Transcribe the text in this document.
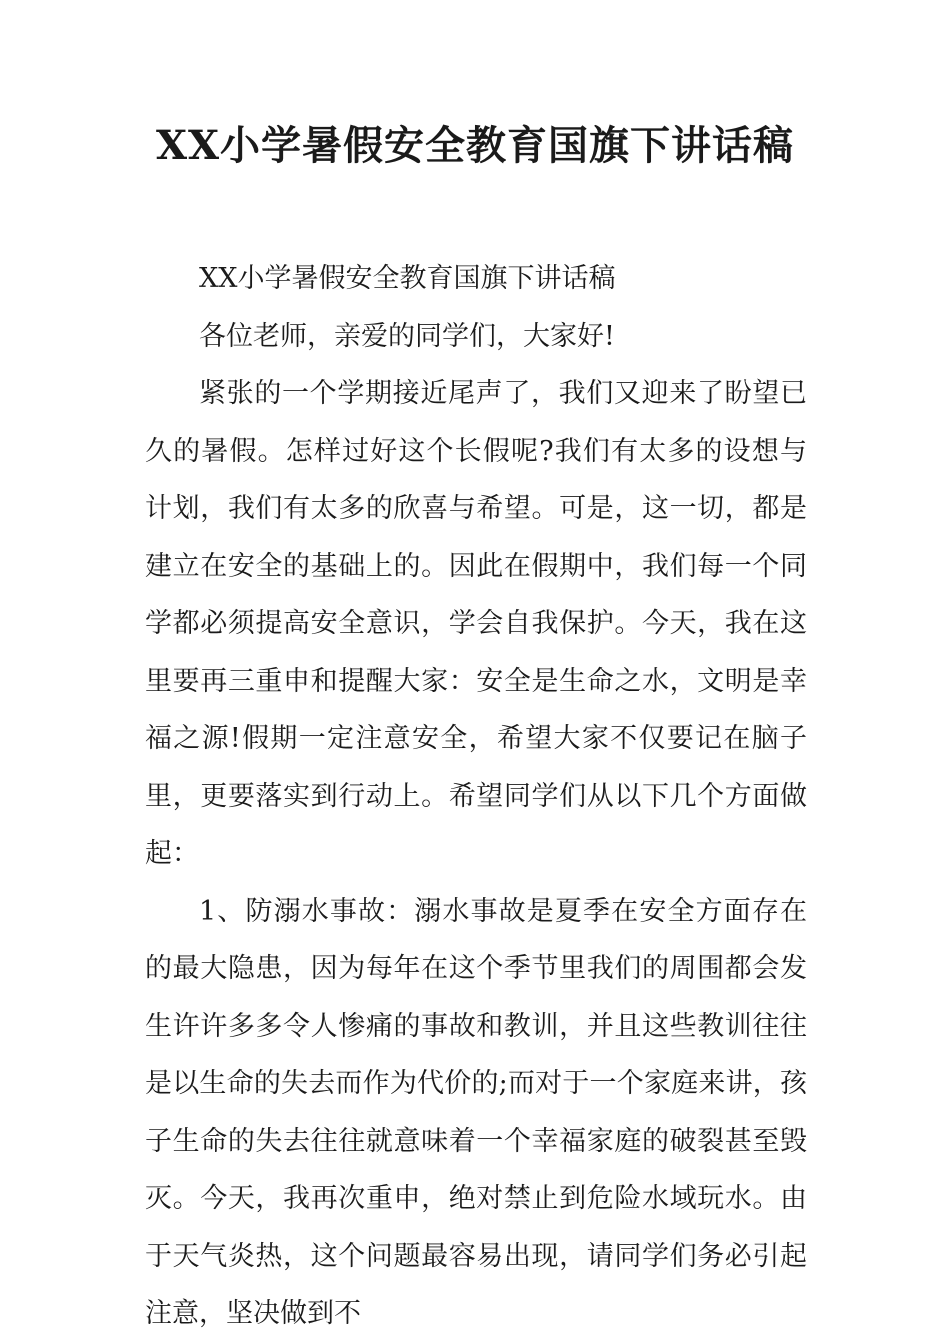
XX小学暑假安全教育国旗下讲话稿

XX小学暑假安全教育国旗下讲话稿

各位老师，亲爱的同学们，大家好!

紧张的一个学期接近尾声了，我们又迎来了盼望已久的暑假。怎样过好这个长假呢?我们有太多的设想与计划，我们有太多的欣喜与希望。可是，这一切，都是建立在安全的基础上的。因此在假期中，我们每一个同学都必须提高安全意识，学会自我保护。今天，我在这里要再三重申和提醒大家：安全是生命之水，文明是幸福之源!假期一定注意安全，希望大家不仅要记在脑子里，更要落实到行动上。希望同学们从以下几个方面做起：

1、防溺水事故：溺水事故是夏季在安全方面存在的最大隐患，因为每年在这个季节里我们的周围都会发生许许多多令人惨痛的事故和教训，并且这些教训往往是以生命的失去而作为代价的;而对于一个家庭来讲，孩子生命的失去往往就意味着一个幸福家庭的破裂甚至毁灭。今天，我再次重申，绝对禁止到危险水域玩水。由于天气炎热，这个问题最容易出现，请同学们务必引起注意，坚决做到不
